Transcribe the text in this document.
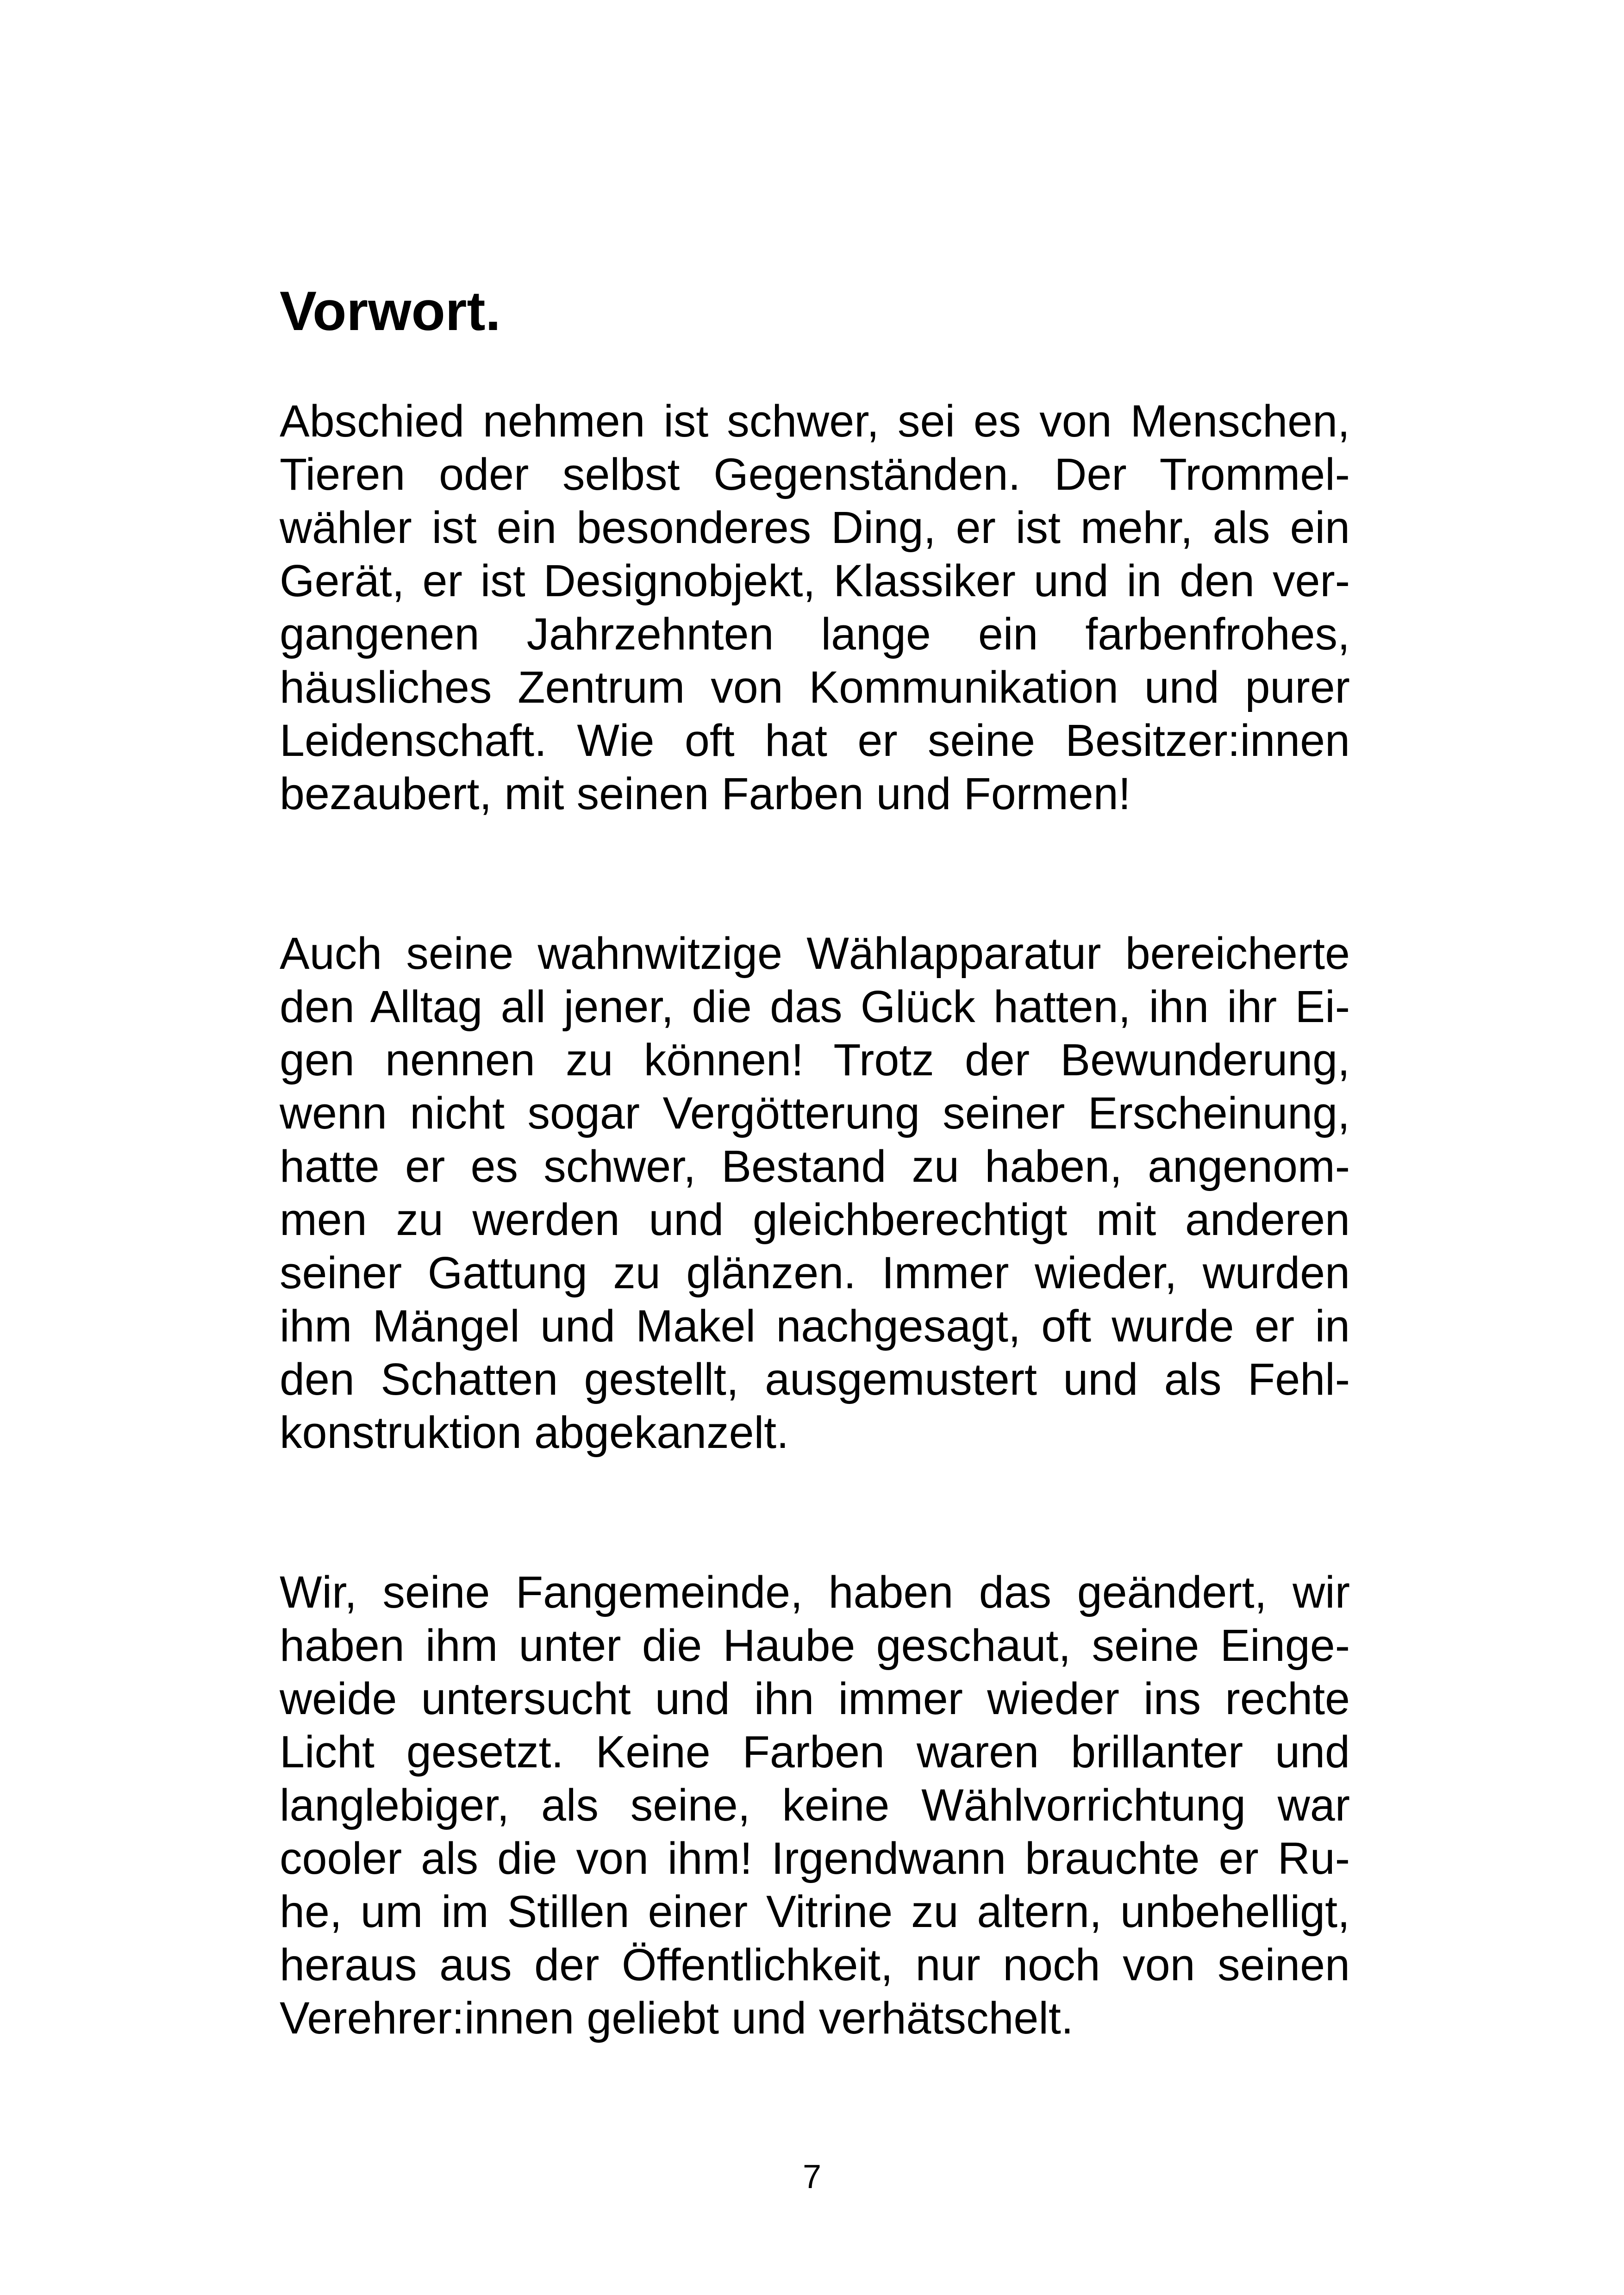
Vorwort.

Abschied nehmen ist schwer, sei es von Menschen,
Tieren oder selbst Gegenständen. Der Trommel-
wähler ist ein besonderes Ding, er ist mehr, als ein
Gerät, er ist Designobjekt, Klassiker und in den ver-
gangenen Jahrzehnten lange ein farbenfrohes,
häusliches Zentrum von Kommunikation und purer
Leidenschaft. Wie oft hat er seine Besitzer:innen
bezaubert, mit seinen Farben und Formen!

Auch seine wahnwitzige Wählapparatur bereicherte
den Alltag all jener, die das Glück hatten, ihn ihr Ei-
gen nennen zu können! Trotz der Bewunderung,
wenn nicht sogar Vergötterung seiner Erscheinung,
hatte er es schwer, Bestand zu haben, angenom-
men zu werden und gleichberechtigt mit anderen
seiner Gattung zu glänzen. Immer wieder, wurden
ihm Mängel und Makel nachgesagt, oft wurde er in
den Schatten gestellt, ausgemustert und als Fehl-
konstruktion abgekanzelt.

Wir, seine Fangemeinde, haben das geändert, wir
haben ihm unter die Haube geschaut, seine Einge-
weide untersucht und ihn immer wieder ins rechte
Licht gesetzt. Keine Farben waren brillanter und
langlebiger, als seine, keine Wählvorrichtung war
cooler als die von ihm! Irgendwann brauchte er Ru-
he, um im Stillen einer Vitrine zu altern, unbehelligt,
heraus aus der Öffentlichkeit, nur noch von seinen
Verehrer:innen geliebt und verhätschelt.

7
